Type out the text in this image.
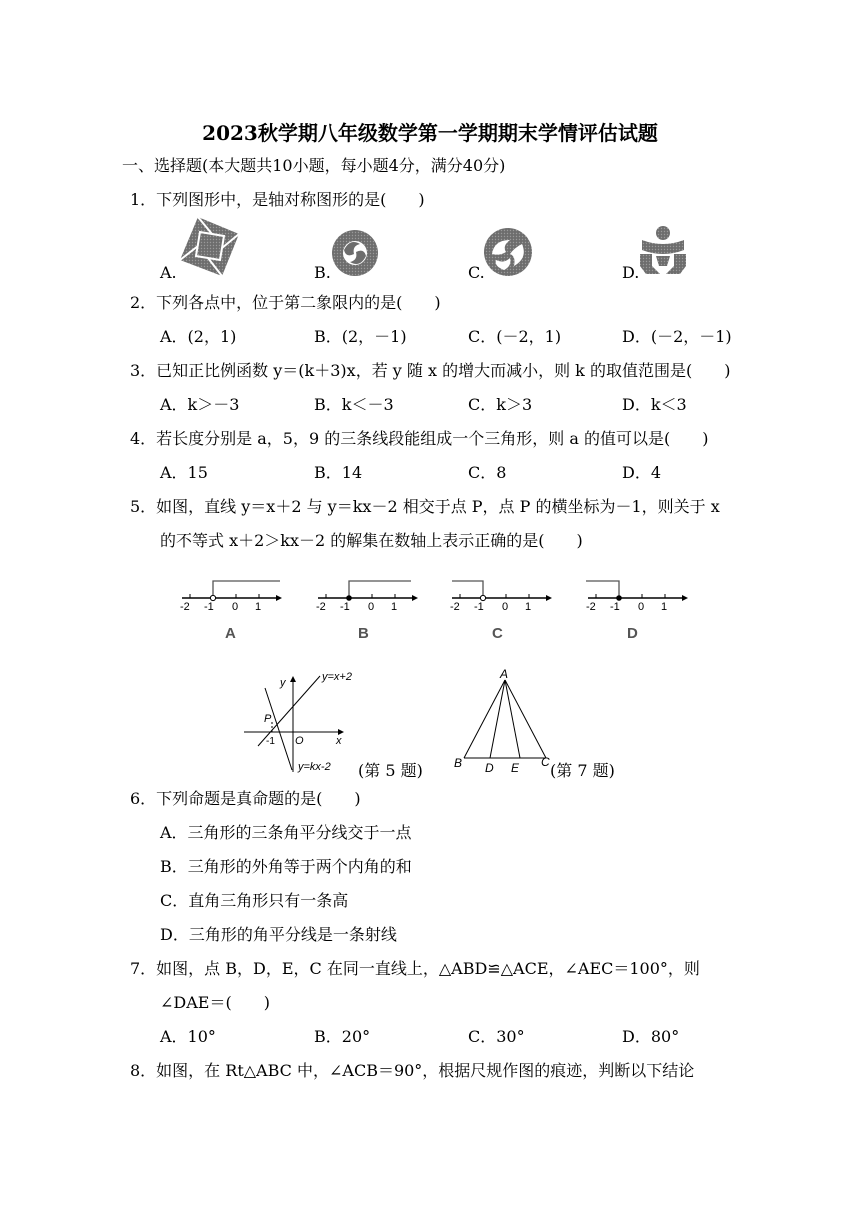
2023秋学期八年级数学第一学期期末学情评估试题
一、选择题(本大题共10小题，每小题4分，满分40分)
1．下列图形中，是轴对称图形的是(　　)
A.	B.	C.	D.
2．下列各点中，位于第二象限内的是(　　)
A．(2，1)	B．(2，－1)	C．(－2，1)	D．(－2，－1)
3．已知正比例函数 y＝(k＋3)x，若 y 随 x 的增大而减小，则 k 的取值范围是(　　)
A．k＞－3	B．k＜－3	C．k＞3	D．k＜3
4．若长度分别是 a，5，9 的三条线段能组成一个三角形，则 a 的值可以是(　　)
A．15	B．14	C．8	D．4
5．如图，直线 y＝x＋2 与 y＝kx－2 相交于点 P，点 P 的横坐标为－1，则关于 x
的不等式 x＋2＞kx－2 的解集在数轴上表示正确的是(　　)
-2 -1 0 1
A
-2 -1 0 1
B
-2 -1 0 1
C
-2 -1 0 1
D
y=x+2
y=kx-2
P
x
y
O
-1
(第 5 题)
A
B D E C (第 7 题)
6．下列命题是真命题的是(　　)
A．三角形的三条角平分线交于一点
B．三角形的外角等于两个内角的和
C．直角三角形只有一条高
D．三角形的角平分线是一条射线
7．如图，点 B，D，E，C 在同一直线上，△ABD≌△ACE，∠AEC＝100°，则
∠DAE＝(　　)
A．10°	B．20°	C．30°	D．80°
8．如图，在 Rt△ABC 中，∠ACB＝90°，根据尺规作图的痕迹，判断以下结论
